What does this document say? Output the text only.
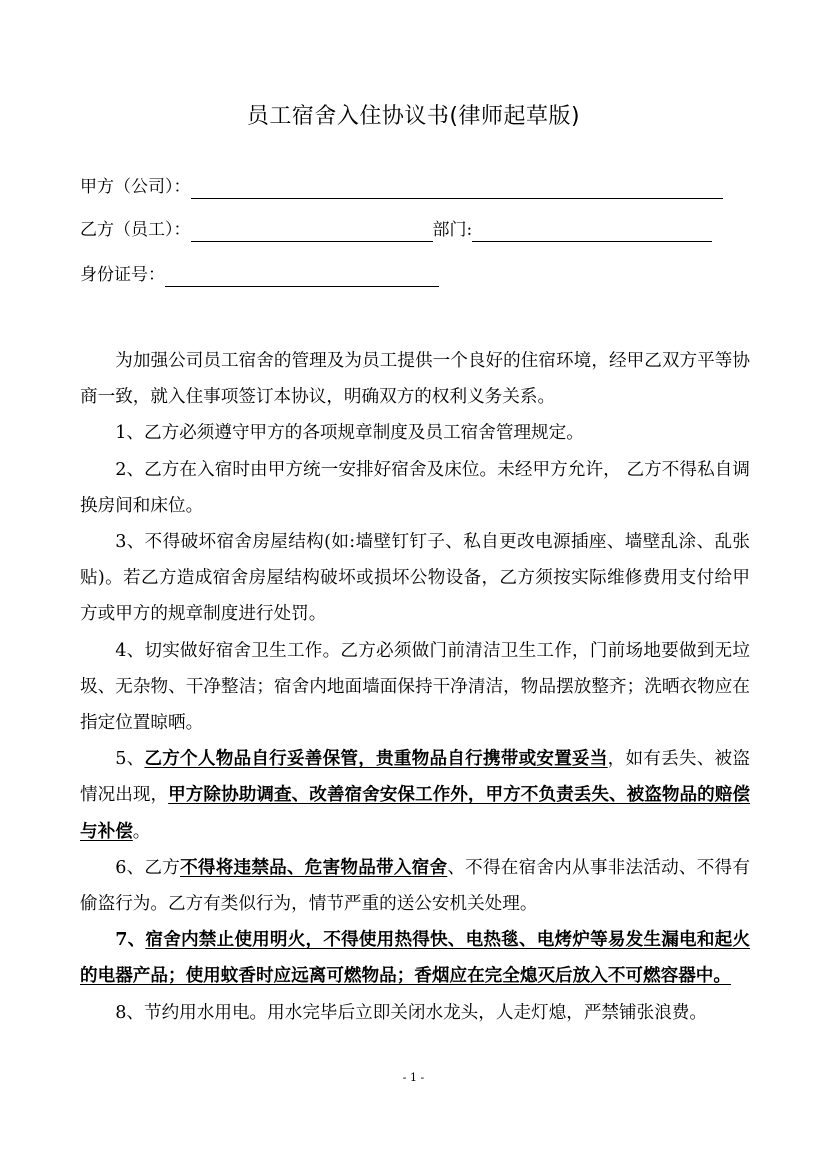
员工宿舍入住协议书(律师起草版)
甲方（公司）：
乙方（员工）：	部门:
身份证号：

为加强公司员工宿舍的管理及为员工提供一个良好的住宿环境，经甲乙双方平等协商一致，就入住事项签订本协议，明确双方的权利义务关系。

1、乙方必须遵守甲方的各项规章制度及员工宿舍管理规定。

2、乙方在入宿时由甲方统一安排好宿舍及床位。未经甲方允许， 乙方不得私自调换房间和床位。

3、不得破坏宿舍房屋结构(如:墙壁钉钉子、私自更改电源插座、墙壁乱涂、乱张贴)。若乙方造成宿舍房屋结构破坏或损坏公物设备，乙方须按实际维修费用支付给甲方或甲方的规章制度进行处罚。

4、切实做好宿舍卫生工作。乙方必须做门前清洁卫生工作，门前场地要做到无垃圾、无杂物、干净整洁；宿舍内地面墙面保持干净清洁，物品摆放整齐；洗晒衣物应在指定位置晾晒。

5、乙方个人物品自行妥善保管，贵重物品自行携带或安置妥当，如有丢失、被盗情况出现，甲方除协助调查、改善宿舍安保工作外，甲方不负责丢失、被盗物品的赔偿与补偿。

6、乙方不得将违禁品、危害物品带入宿舍、不得在宿舍内从事非法活动、不得有偷盗行为。乙方有类似行为，情节严重的送公安机关处理。

7、宿舍内禁止使用明火，不得使用热得快、电热毯、电烤炉等易发生漏电和起火的电器产品；使用蚊香时应远离可燃物品；香烟应在完全熄灭后放入不可燃容器中。

8、节约用水用电。用水完毕后立即关闭水龙头，人走灯熄，严禁铺张浪费。

- 1 -
